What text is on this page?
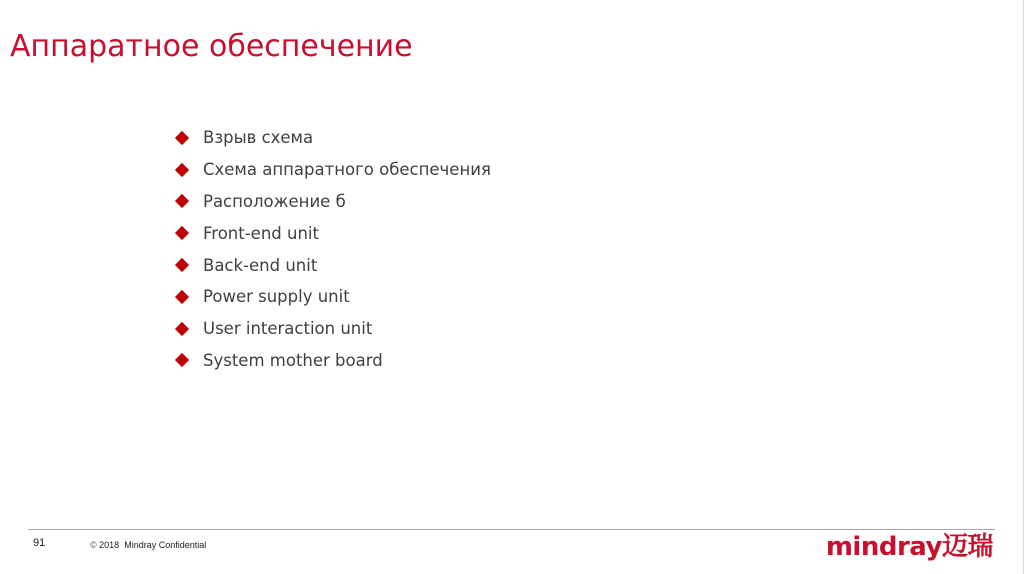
Аппаратное обеспечение
Взрыв схема
Схема аппаратного обеспечения
Расположение б
Front-end unit
Back-end unit
Power supply unit
User interaction unit
System mother board
91	© 2018 Mindray Confidential	mindray迈瑞
